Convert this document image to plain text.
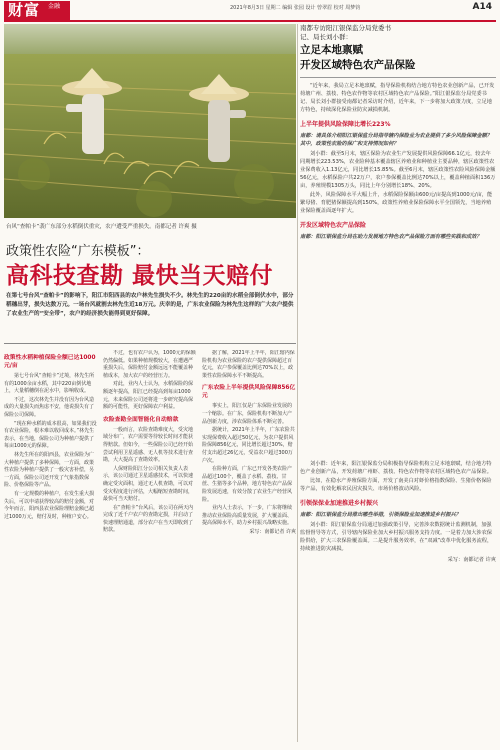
财富	金融	2021年8月3日 星期二 编辑 张园 设计 曾翠眉 校对 周梦钧	A14
台风“查帕卡”袭广东部分水稻倒伏重灾，农户遭受严重损失。南都记者 许爽 摄
南都专访阳江银保监分局党委书
记、局长刘小群：
立足本地禀赋
开发区域特色农产品保险

“近年来，我局立足本地禀赋，指导保险机构结合地方特色农业创新产品，已开发荷塘广州、荔枝、特色农作物等农村区域特色农产品保险。”阳江银保监分局党委书记、局长刘小群接受南都记者采访时介绍，近年来，下一步将加大政策力度，立足地方特色，持续深化保险业防灾减损机制。

上半年提供风险保障比增长223%

南都：请具体介绍阳江银保监分局指导辖内保险业为农业提供了多少风险保障金额？其中，政策性农险的保广和支持情况如何？

刘小群：截至5月末，辖区保险为农业生产发展提供风险保障66.1亿元，较去年同期增长223.53%，农业险种基本覆盖辖区养殖业和种植业主要品种，辖区政策性农业保费收入1.13亿元，同比增长15.85%。截至6月末，辖区政策性农险风险保障金额56亿元，水稻保险户共22万户，农户参保覆盖比例达70%以上，覆盖种植面积136万亩，养殖规模1305万头，同比上年分别增长18%、20%。

此外，风险保障水平大幅上升，水稻保险保额由600元/亩提高到1000元/亩，能繁母猪、育肥猪保额提高到150%，政策性养殖业保险保障水平全国领先，当地养殖业保险覆盖面逐年扩大。

开发区域特色农产品保险

南都：阳江银保监分局在助力发展地方特色农产品保险方面有哪些实践和成效？

刘小群：近年来，阳江银保监分局积极指导保险机构立足本地禀赋，结合地方特色产业创新产品，开发荷塘广州虾、荔枝、特色农作物等农村区域特色农产品保险。

比如，在稳水产养殖保险方面，开发了南美白对虾价格指数保险、生猪价格保险等产品，有效化解农民因灾损失、市场价格波动风险。

引领保保业加速推进乡村振兴

南都：阳江银保监分局推出哪些举措，引领保险业加速推进乡村振兴？

刘小群：阳江银保监分局通过加强政策引导，完善涉农数据统计监测机制，加强监督督导等方式，引导辖内保险业加大乡村振兴服务支持力度。一是着力加大涉农保险供给，扩大三农保险覆盖面。二是提升服务效率，在“双减”改革中优化服务流程，持续推进防灾减损。

采写：南都记者 许爽
政策性农险“广东模板”：
高科技查勘 最快当天赔付
在第七号台风“查帕卡”的影响下，阳江市阳西县的农户林先生损失不少。林先生的220亩的水稻全部倒伏水中，部分稻穗出芽，损失达数万元。一场台风就割去林先生近18万元。庆幸的是，广东农业保险为林先生这样的广大农户提供了农业生产的“安全带”，农户的经济损失能得到更好保障。
政策性水稻种植保险全额已达1000元/亩

第七号台风“查帕卡”过境，林先生所有的1000余亩水稻，其中220亩倒伏地上，大量稻穗倒在泥水中，影响收成。

不过，这次林先生并没有因为台风造成的大量损失而焦虑不安，他说损失有了保险公司保障。

“现在种水稻的成本很高，如果我们没有农业保险，根本难以收回成本。”林先生表示，在当地，保险公司为种植户提供了每亩1000元的保障。

林先生所在的阳西县，农业保险为广大种植户提供了多种保障，一方面，政策性农险为种植户提供了一般灾害补偿，另一方面，保险公司还开发了气象指数保险、价格保险等产品。

有一定规模的种植户，在发生重大损失后，可以申请获得较高的赔付金额，对今年而言，阳西县农业保险理赔金额已超过1000万元，赔付及时，种植户安心。

不过，也有农户认为，1000元的保额仍然偏低。如果种植规模较大，在遭遇严重损失后，保险赔付金额远远不能覆盖种植成本，加大农户的经营压力。

对此，业内人士认为，水稻保险的保额逐年提高，阳江已经提高到每亩1000元，未来保险公司还将进一步研究提高保额的可能性，更好保障农户利益。

农险查勘全面智能化自动赔款

一般而言，农险查勘难度大，受灾地域分布广，农户需要等待较长时间才能获得赔款。但如今，一些保险公司已经开始尝试利用卫星遥感、无人机等技术进行查勘，大大提高了查勘效率。

人保财险阳江分公司相关负责人表示，该公司通过卫星遥感技术，可以快速确定受灾面积，通过无人机查勘，可以对受灾程度进行评估，大幅缩短查勘时间，最快可当天赔付。

在“查帕卡”台风后，该公司在两天内完成了近千户农户的查勘定损，并启动了快速理赔通道，部分农户在当天即收到了赔款。

据了解，2021年上半年，阳江辖内保险机构为农业保险的农户提供保障超过百亿元，农户参保覆盖比例达70%以上，政策性农险保障水平不断提高。

广东农险上半年提供风险保障856亿元

事实上，阳江仅是广东保险业发展的一个缩影。在广东，保险机构不断加大产品创新力度，涉农保险体系不断完善。

据统计，2021年上半年，广东农险共实现保费收入超过50亿元，为农户提供风险保障856亿元，同比增长超过30%，赔付支出超过26亿元，受益农户超过300万户次。

在险种方面，广东已开发各类农险产品超过100个，覆盖了水稻、荔枝、甘蔗、生猪等多个品种，地方特色农产品保险发展迅速，有效分散了农业生产经营风险。

业内人士表示，下一步，广东将继续推动农业保险高质量发展，扩大覆盖面、提高保障水平，助力乡村振兴战略实施。

采写：南都记者 许爽
